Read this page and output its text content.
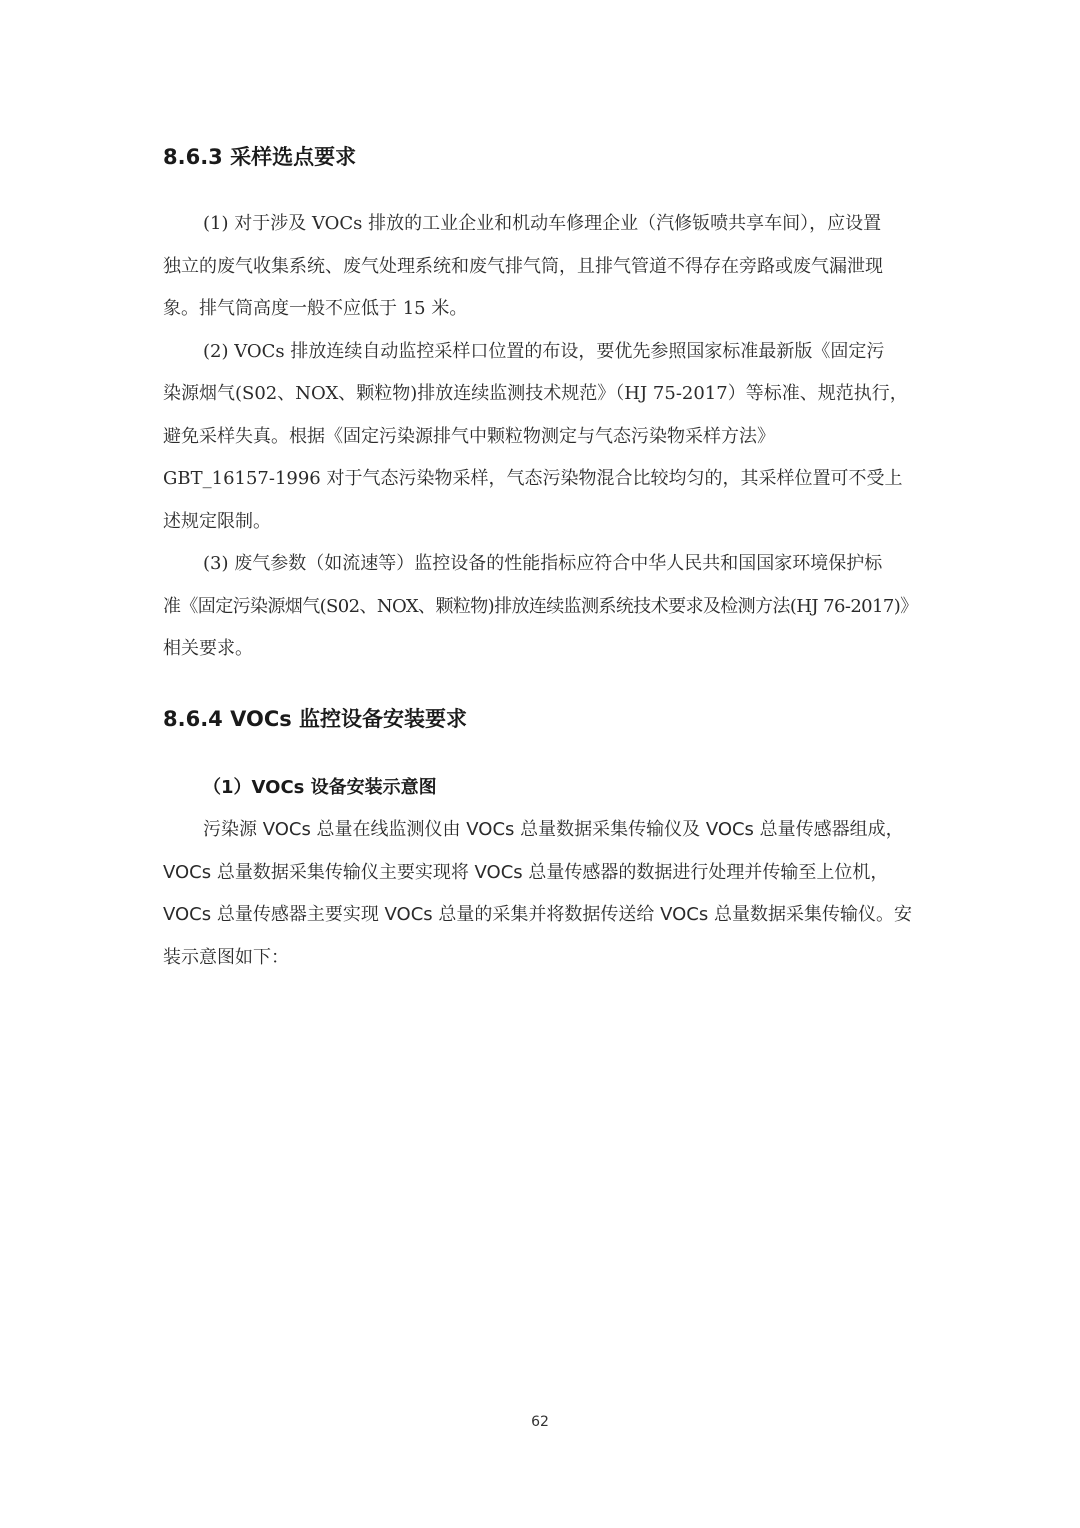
8.6.3 采样选点要求
(1) 对于涉及 VOCs 排放的工业企业和机动车修理企业（汽修钣喷共享车间），应设置
独立的废气收集系统、废气处理系统和废气排气筒，且排气管道不得存在旁路或废气漏泄现
象。排气筒高度一般不应低于 15 米。
(2) VOCs 排放连续自动监控采样口位置的布设，要优先参照国家标准最新版《固定污
染源烟气(S02、NOX、颗粒物)排放连续监测技术规范》（HJ 75-2017）等标准、规范执行，
避免采样失真。根据《固定污染源排气中颗粒物测定与气态污染物采样方法》
GBT_16157-1996 对于气态污染物采样，气态污染物混合比较均匀的，其采样位置可不受上
述规定限制。
(3) 废气参数（如流速等）监控设备的性能指标应符合中华人民共和国国家环境保护标
准《固定污染源烟气(S02、NOX、颗粒物)排放连续监测系统技术要求及检测方法(HJ 76-2017)》
相关要求。
8.6.4 VOCs 监控设备安装要求
（1）VOCs 设备安装示意图
污染源 VOCs 总量在线监测仪由 VOCs 总量数据采集传输仪及 VOCs 总量传感器组成，
VOCs 总量数据采集传输仪主要实现将 VOCs 总量传感器的数据进行处理并传输至上位机，
VOCs 总量传感器主要实现 VOCs 总量的采集并将数据传送给 VOCs 总量数据采集传输仪。安
装示意图如下：
62
